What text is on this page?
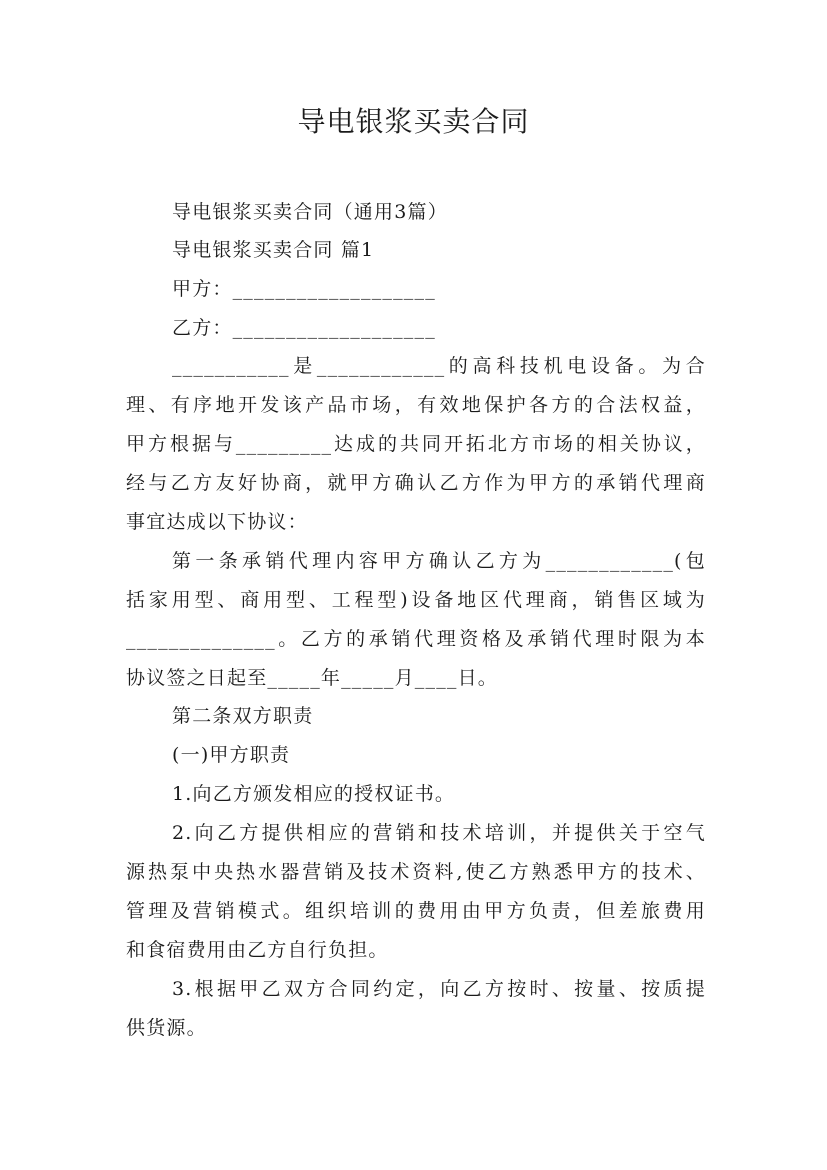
导电银浆买卖合同
导电银浆买卖合同（通用3篇）
导电银浆买卖合同 篇1
甲方：___________________
乙方：___________________
___________是____________的高科技机电设备。为合
理、有序地开发该产品市场，有效地保护各方的合法权益，
甲方根据与_________达成的共同开拓北方市场的相关协议，
经与乙方友好协商，就甲方确认乙方作为甲方的承销代理商
事宜达成以下协议：
第一条承销代理内容甲方确认乙方为____________(包
括家用型、商用型、工程型)设备地区代理商，销售区域为
______________。乙方的承销代理资格及承销代理时限为本
协议签之日起至_____年_____月____日。
第二条双方职责
(一)甲方职责
1.向乙方颁发相应的授权证书。
2.向乙方提供相应的营销和技术培训，并提供关于空气
源热泵中央热水器营销及技术资料,使乙方熟悉甲方的技术、
管理及营销模式。组织培训的费用由甲方负责，但差旅费用
和食宿费用由乙方自行负担。
3.根据甲乙双方合同约定，向乙方按时、按量、按质提
供货源。
